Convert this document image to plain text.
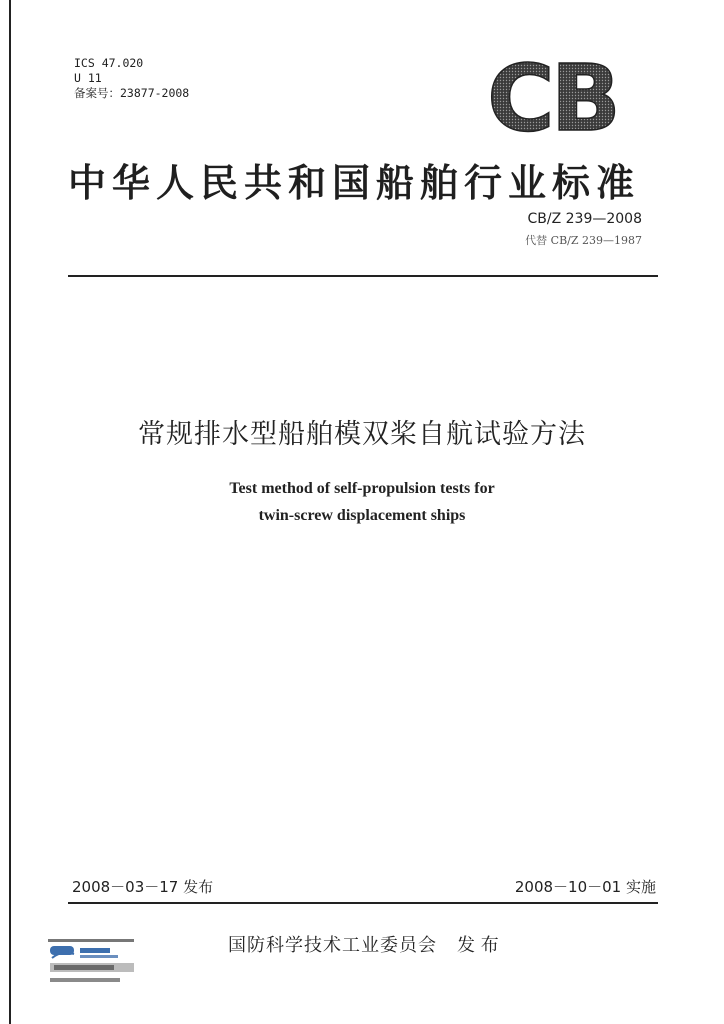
ICS 47.020
U 11
备案号：23877-2008	CB
中华人民共和国船舶行业标准
CB/Z 239—2008
代替 CB/Z 239—1987
常规排水型船舶模双桨自航试验方法
Test method of self-propulsion tests for
twin-screw displacement ships
2008－03－17 发布	2008－10－01 实施
国防科学技术工业委员会 发 布
